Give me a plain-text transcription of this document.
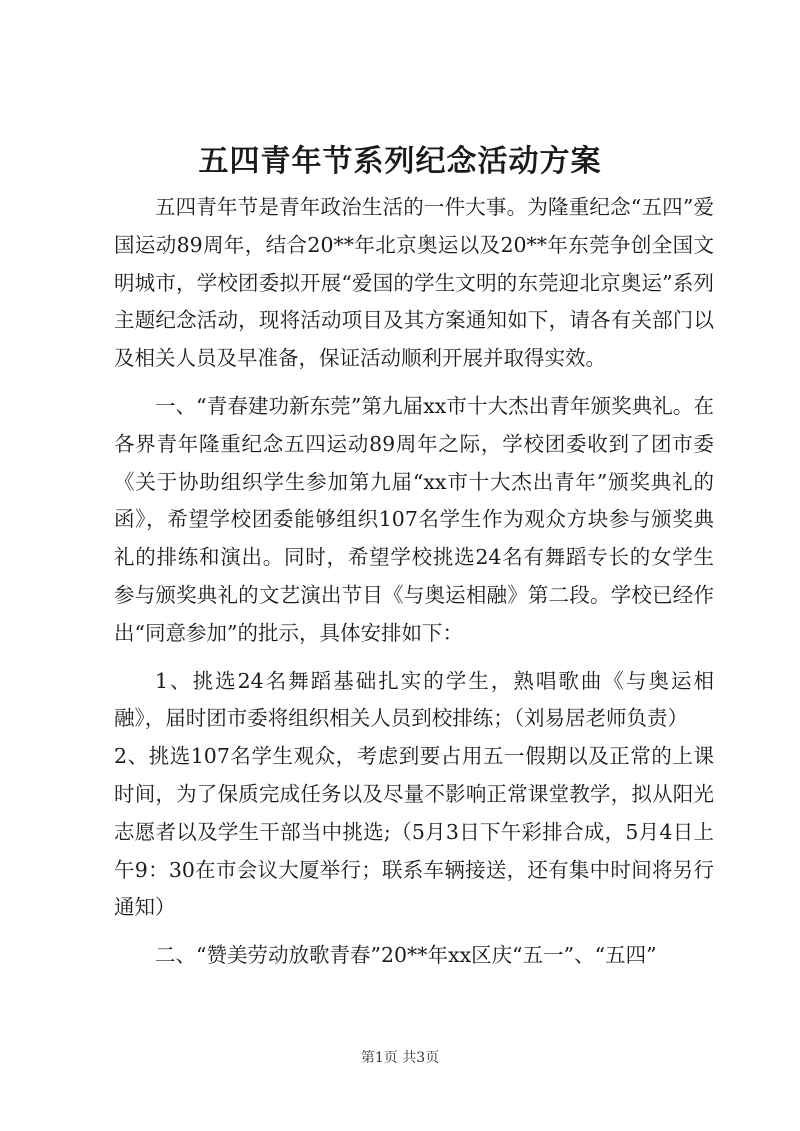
五四青年节系列纪念活动方案

五四青年节是青年政治生活的一件大事。为隆重纪念“五四”爱国运动89周年，结合20**年北京奥运以及20**年东莞争创全国文明城市，学校团委拟开展“爱国的学生文明的东莞迎北京奥运”系列主题纪念活动，现将活动项目及其方案通知如下，请各有关部门以及相关人员及早准备，保证活动顺利开展并取得实效。

一、“青春建功新东莞”第九届xx市十大杰出青年颁奖典礼。在各界青年隆重纪念五四运动89周年之际，学校团委收到了团市委《关于协助组织学生参加第九届“xx市十大杰出青年”颁奖典礼的函》，希望学校团委能够组织107名学生作为观众方块参与颁奖典礼的排练和演出。同时，希望学校挑选24名有舞蹈专长的女学生参与颁奖典礼的文艺演出节目《与奥运相融》第二段。学校已经作出“同意参加”的批示，具体安排如下：

1、挑选24名舞蹈基础扎实的学生，熟唱歌曲《与奥运相融》，届时团市委将组织相关人员到校排练；（刘易居老师负责）

2、挑选107名学生观众，考虑到要占用五一假期以及正常的上课时间，为了保质完成任务以及尽量不影响正常课堂教学，拟从阳光志愿者以及学生干部当中挑选;（5月3日下午彩排合成，5月4日上午9：30在市会议大厦举行；联系车辆接送，还有集中时间将另行通知）

二、“赞美劳动放歌青春”20**年xx区庆“五一”、“五四”

第1页 共3页
